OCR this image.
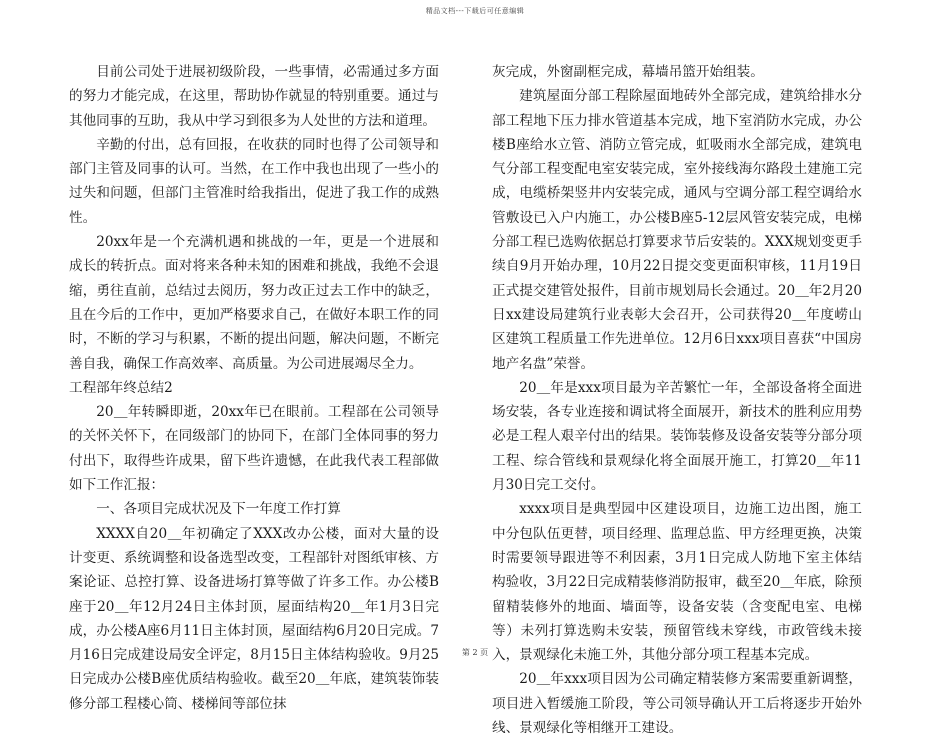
精品文档---下载后可任意编辑

目前公司处于进展初级阶段，一些事情，必需通过多方面的努力才能完成，在这里，帮助协作就显的特别重要。通过与其他同事的互助，我从中学习到很多为人处世的方法和道理。

辛勤的付出，总有回报，在收获的同时也得了公司领导和部门主管及同事的认可。当然，在工作中我也出现了一些小的过失和问题，但部门主管准时给我指出，促进了我工作的成熟性。

20xx年是一个充满机遇和挑战的一年，更是一个进展和成长的转折点。面对将来各种未知的困难和挑战，我绝不会退缩，勇往直前，总结过去阅历，努力改正过去工作中的缺乏，且在今后的工作中，更加严格要求自己，在做好本职工作的同时，不断的学习与积累，不断的提出问题，解决问题，不断完善自我，确保工作高效率、高质量。为公司进展竭尽全力。

工程部年终总结2

20＿年转瞬即逝，20xx年已在眼前。工程部在公司领导的关怀关怀下，在同级部门的协同下，在部门全体同事的努力付出下，取得些许成果，留下些许遗憾，在此我代表工程部做如下工作汇报：

一、各项目完成状况及下一年度工作打算

XXXX自20＿年初确定了XXX改办公楼，面对大量的设计变更、系统调整和设备选型改变，工程部针对图纸审核、方案论证、总控打算、设备进场打算等做了许多工作。办公楼B座于20＿年12月24日主体封顶，屋面结构20＿年1月3日完成，办公楼A座6月11日主体封顶，屋面结构6月20日完成。7月16日完成建设局安全评定，8月15日主体结构验收。9月25日完成办公楼B座优质结构验收。截至20＿年底，建筑装饰装修分部工程楼心筒、楼梯间等部位抹

灰完成，外窗副框完成，幕墙吊篮开始组装。

建筑屋面分部工程除屋面地砖外全部完成，建筑给排水分部工程地下压力排水管道基本完成，地下室消防水完成，办公楼B座给水立管、消防立管完成，虹吸雨水全部完成，建筑电气分部工程变配电室安装完成，室外接线海尔路段土建施工完成，电缆桥架竖井内安装完成，通风与空调分部工程空调给水管敷设已入户内施工，办公楼B座5-12层风管安装完成，电梯分部工程已选购依据总打算要求节后安装的。XXX规划变更手续自9月开始办理，10月22日提交变更面积审核，11月19日正式提交建管处报件，目前市规划局长会通过。20＿年2月20日xx建设局建筑行业表彰大会召开，公司获得20＿年度崂山区建筑工程质量工作先进单位。12月6日xxx项目喜获“中国房地产名盘”荣誉。

20＿年是xxx项目最为辛苦繁忙一年，全部设备将全面进场安装，各专业连接和调试将全面展开，新技术的胜利应用势必是工程人艰辛付出的结果。装饰装修及设备安装等分部分项工程、综合管线和景观绿化将全面展开施工，打算20＿年11月30日完工交付。

xxxx项目是典型园中区建设项目，边施工边出图，施工中分包队伍更替，项目经理、监理总监、甲方经理更换，决策时需要领导跟进等不利因素，3月1日完成人防地下室主体结构验收，3月22日完成精装修消防报审，截至20＿年底，除预留精装修外的地面、墙面等，设备安装（含变配电室、电梯等）未列打算选购未安装，预留管线未穿线，市政管线未接入，景观绿化未施工外，其他分部分项工程基本完成。

20＿年xxx项目因为公司确定精装修方案需要重新调整，项目进入暂缓施工阶段，等公司领导确认开工后将逐步开始外线、景观绿化等相继开工建设。

第 2 页
